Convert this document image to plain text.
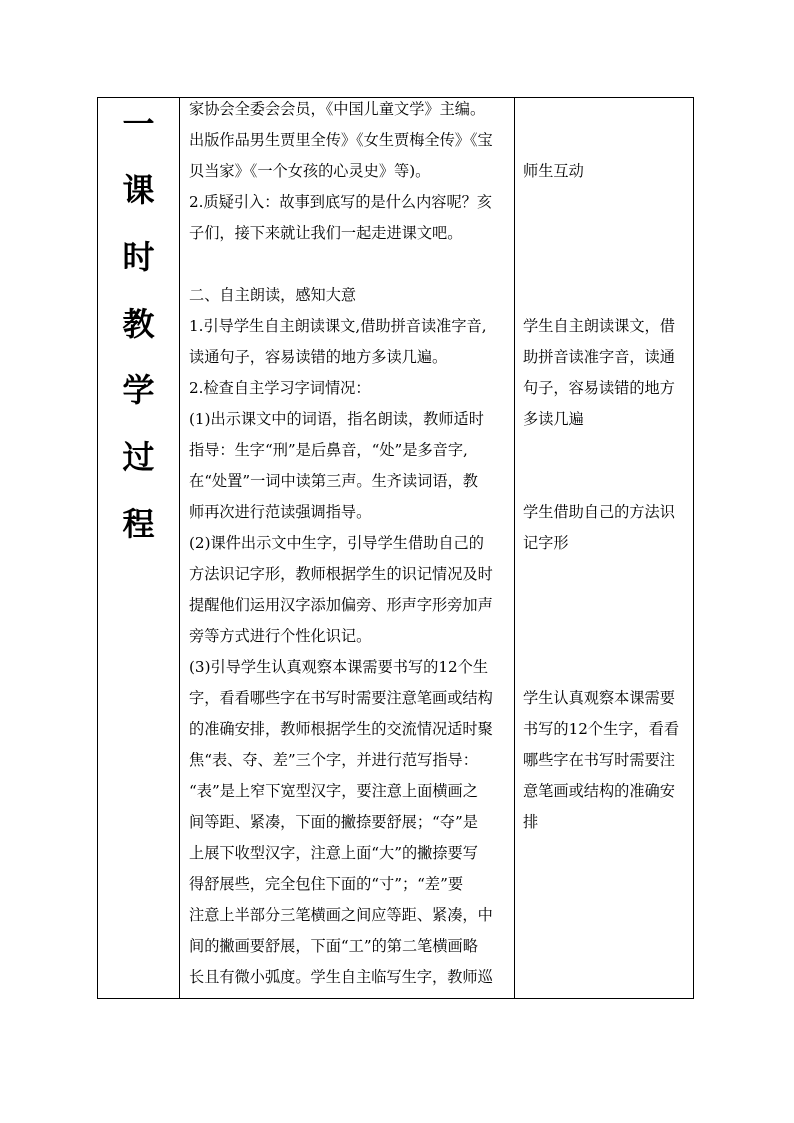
一
课
时
教
学
过
程
家协会全委会会员，《中国儿童文学》主编。
出版作品男生贾里全传》《女生贾梅全传》《宝
贝当家》《一个女孩的心灵史》等)。
2.质疑引入：故事到底写的是什么内容呢？亥
子们，接下来就让我们一起走进课文吧。
二、自主朗读，感知大意
1.引导学生自主朗读课文,借助拼音读准字音,
读通句子，容易读错的地方多读几遍。
2.检查自主学习字词情况：
(1)出示课文中的词语，指名朗读，教师适时
指导：生字“刑”是后鼻音，“处”是多音字,
在“处置”一词中读第三声。生齐读词语，教
师再次进行范读强调指导。
(2)课件出示文中生字，引导学生借助自己的
方法识记字形，教师根据学生的识记情况及时
提醒他们运用汉字添加偏旁、形声字形旁加声
旁等方式进行个性化识记。
(3)引导学生认真观察本课需要书写的12个生
字，看看哪些字在书写时需要注意笔画或结构
的准确安排，教师根据学生的交流情况适时聚
焦“表、夺、差”三个字，并进行范写指导：
“表”是上窄下宽型汉字，要注意上面横画之
间等距、紧凑，下面的撇捺要舒展；“夺”是
上展下收型汉字，注意上面“大”的撇捺要写
得舒展些，完全包住下面的“寸”；“差”要
注意上半部分三笔横画之间应等距、紧凑，中
间的撇画要舒展，下面“工”的第二笔横画略
长且有微小弧度。学生自主临写生字，教师巡
师生互动
学生自主朗读课文，借
助拼音读准字音，读通
句子，容易读错的地方
多读几遍
学生借助自己的方法识
记字形
学生认真观察本课需要
书写的12个生字，看看
哪些字在书写时需要注
意笔画或结构的准确安
排
